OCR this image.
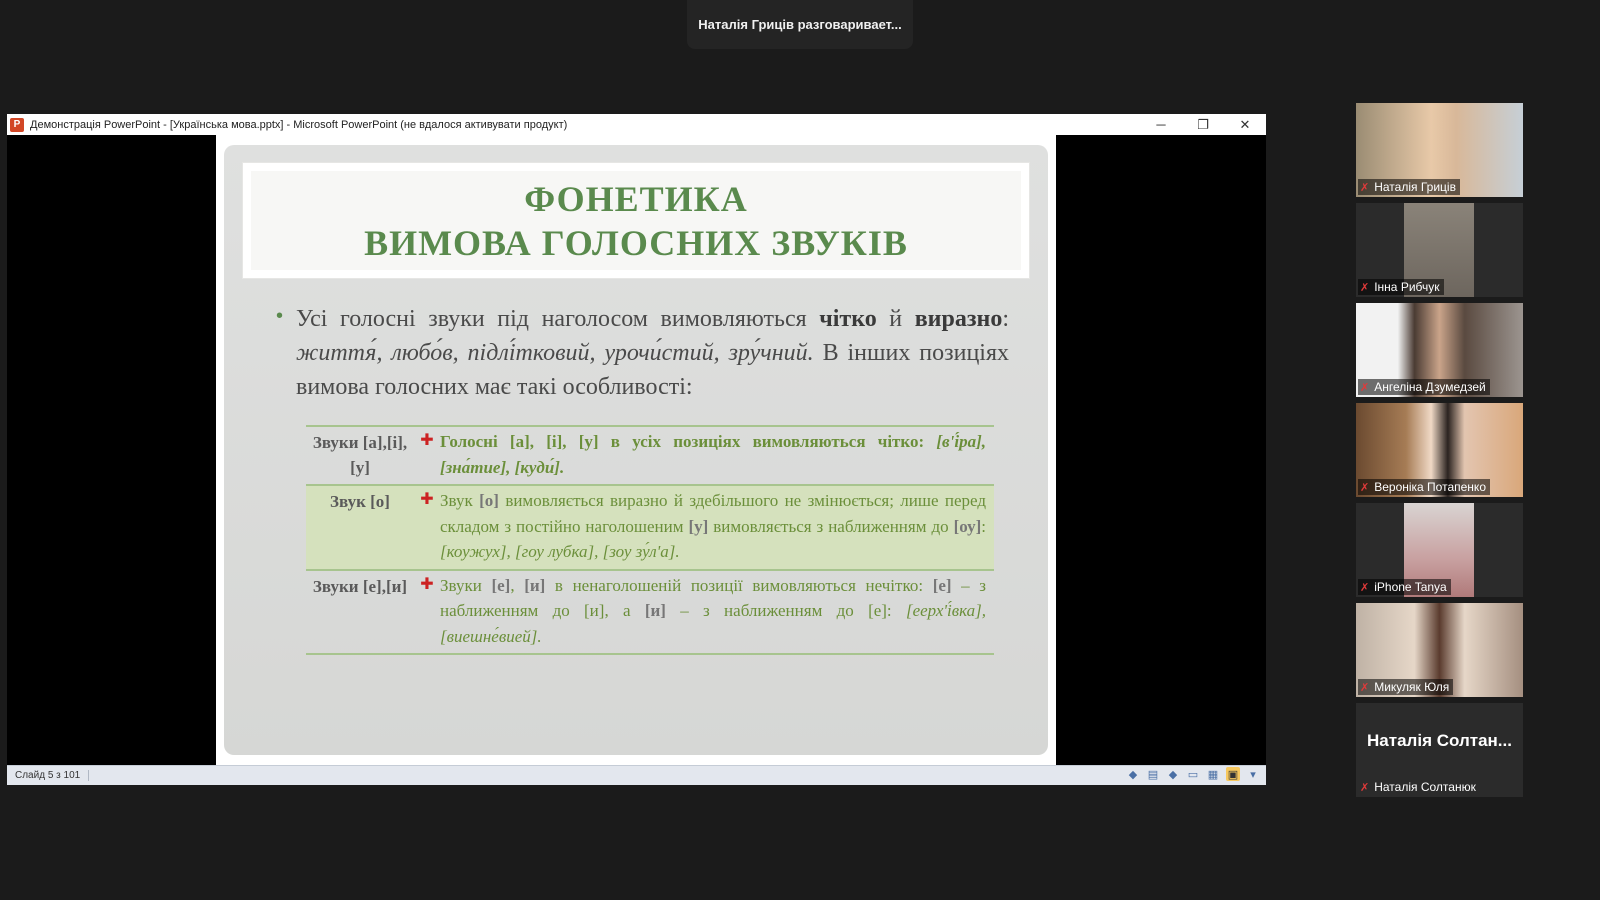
Наталія Гриців разговаривает...
P Демонстрація PowerPoint - [Українська мова.pptx] - Microsoft PowerPoint (не вдалося активувати продукт)	─	❐	✕
ФОНЕТИКА
ВИМОВА ГОЛОСНИХ ЗВУКІВ
• Усі голосні звуки під наголосом вимовляються чітко й виразно: життя́, любо́в, підлі́тковий, урочи́стий, зру́чний. В інших позиціях вимова голосних має такі особливості:
Звуки [а],[і],[у]
✚ Голосні [а], [і], [у] в усіх позиціях вимовляються чітко: [в'і́ра], [зна́тие], [куди́].
Звук [о]	✚ Звук [о] вимовляється виразно й здебільшого не змінюється; лише перед складом з постійно наголошеним [у] вимовляється з наближенням до [оу]: [коужух], [гоу лубка], [зоу зу́л'а].
Звуки [е],[и] ✚ Звуки [е], [и] в ненаголошеній позиції вимовляються нечітко: [е] – з наближенням до [и], а [и] – з наближенням до [е]: [еерх'і́вка], [виешне́вией].
Слайд 5 з 101	◆ ▤ ◆ ▭ ▦ ▣	▾
✗ Наталія Гриців
✗ Інна Рибчук
✗ Ангеліна Дзумедзей
✗ Вероніка Потапенко
✗ iPhone Tanya
✗ Микуляк Юля
Наталія Солтан...
✗ Наталія Солтанюк
